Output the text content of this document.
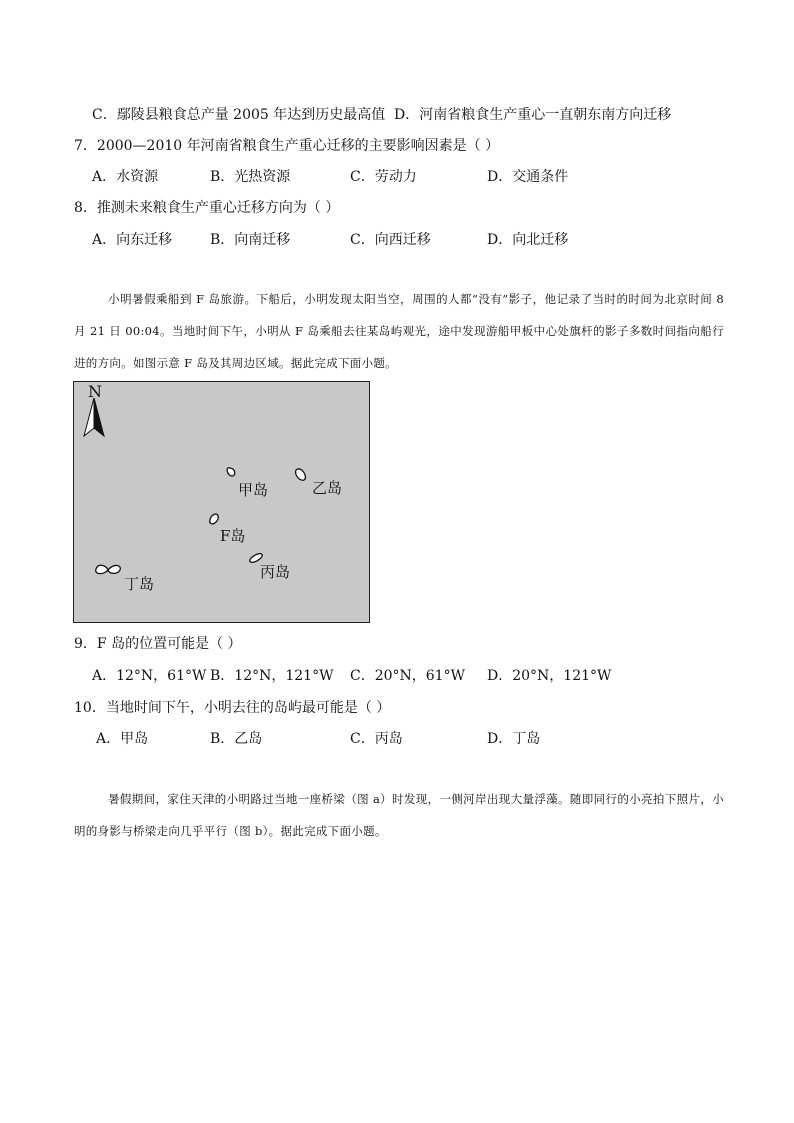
C．鄢陵县粮食总产量 2005 年达到历史最高值 D．河南省粮食生产重心一直朝东南方向迁移
7．2000—2010 年河南省粮食生产重心迁移的主要影响因素是（ ）
A．水资源	B．光热资源	C．劳动力	D．交通条件
8．推测未来粮食生产重心迁移方向为（ ）
A．向东迁移	B．向南迁移	C．向西迁移	D．向北迁移
小明暑假乘船到 F 岛旅游。下船后，小明发现太阳当空，周围的人都“没有”影子，他记录了当时的时间为北京时间 8 月 21 日 00:04。当地时间下午，小明从 F 岛乘船去往某岛屿观光，途中发现游船甲板中心处旗杆的影子多数时间指向船行进的方向。如图示意 F 岛及其周边区域。据此完成下面小题。
N
甲岛	乙岛
F岛
丙岛
丁岛
9．F 岛的位置可能是（ ）
A．12°N，61°W B．12°N，121°W C．20°N，61°W D．20°N，121°W
10．当地时间下午，小明去往的岛屿最可能是（ ）
A．甲岛	B．乙岛	C．丙岛	D．丁岛
暑假期间，家住天津的小明路过当地一座桥梁（图 a）时发现，一侧河岸出现大量浮藻。随即同行的小亮拍下照片，小明的身影与桥梁走向几乎平行（图 b）。据此完成下面小题。
